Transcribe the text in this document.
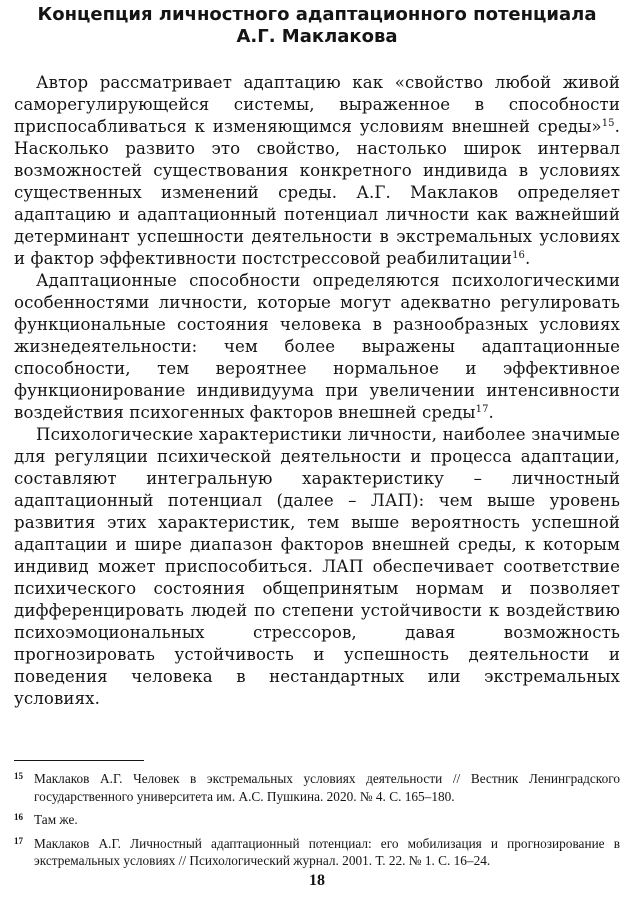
Концепция личностного адаптационного потенциала
А.Г. Маклакова

Автор рассматривает адаптацию как «свойство любой живой саморегулирующейся системы, выраженное в способности приспосабливаться к изменяющимся условиям внешней среды»$^{15}$. Насколько развито это свойство, настолько широк интервал возможностей существования конкретного индивида в условиях существенных изменений среды. А.Г. Маклаков определяет адаптацию и адаптационный потенциал личности как важнейший детерминант успешности деятельности в экстремальных условиях и фактор эффективности постстрессовой реабилитации$^{16}$.

Адаптационные способности определяются психологическими особенностями личности, которые могут адекватно регулировать функциональные состояния человека в разнообразных условиях жизнедеятельности: чем более выражены адаптационные способности, тем вероятнее нормальное и эффективное функционирование индивидуума при увеличении интенсивности воздействия психогенных факторов внешней среды$^{17}$.

Психологические характеристики личности, наиболее значимые для регуляции психической деятельности и процесса адаптации, составляют интегральную характеристику – личностный адаптационный потенциал (далее – ЛАП): чем выше уровень развития этих характеристик, тем выше вероятность успешной адаптации и шире диапазон факторов внешней среды, к которым индивид может приспособиться. ЛАП обеспечивает соответствие психического состояния общепринятым нормам и позволяет дифференцировать людей по степени устойчивости к воздействию психоэмоциональных стрессоров, давая возможность прогнозировать устойчивость и успешность деятельности и поведения человека в нестандартных или экстремальных условиях.

15 Маклаков А.Г. Человек в экстремальных условиях деятельности // Вестник Ленинградского государственного университета им. А.С. Пушкина. 2020. № 4. С. 165–180.
16 Там же.
17 Маклаков А.Г. Личностный адаптационный потенциал: его мобилизация и прогнозирование в экстремальных условиях // Психологический журнал. 2001. Т. 22. № 1. С. 16–24.
18
